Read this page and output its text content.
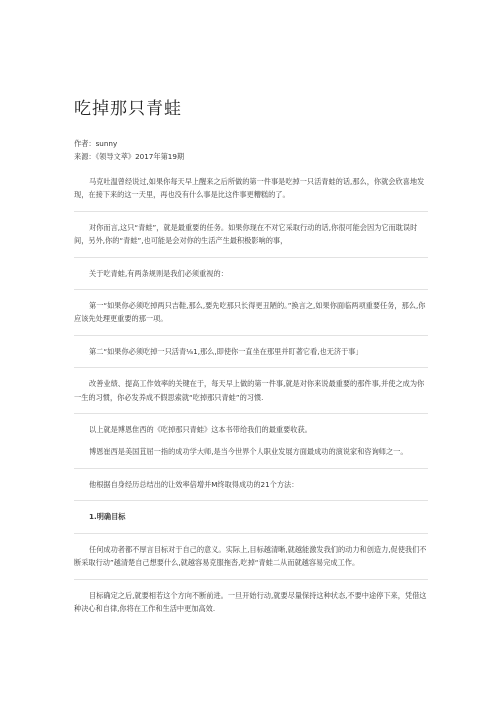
吃掉那只青蛙
作者：sunny
来源：《领导文萃》2017年第19期

马克吐温曾经说过,如果你每天早上醒来之后所做的第一件事是吃掉一只活青蛙的话,那么，你就会欣喜地发现，在接下来的这一天里，再也没有什么事是比这件事更糟糕的了。

对你而言,这只“青蛙”，就是最重要的任务。如果你现在不对它采取行动的话,你很可能会因为它而耽误时间，另外,你的“青蛙”,也可能是会对你的生活产生最积极影响的事，

关于吃青蛙,有两条规则是我们必须重视的：

第一“如果你必须吃掉两只吉鞋,那么,要先吃那只长得更丑陋的。”换言之,如果你面临两项重要任务，那么,你应该先处理更重要的那一项。

第二“如果你必须吃掉一只活青⅛1,那么,即使你一直坐在那里并盯著它看,也无济于事」

改善业绩、提高工作效率的关键在于，每天早上做的第一件事,就是对你来说最重要的那件事,并使之成为你一生的习惯，你必发养成不假思索就“吃掉那只青蛙”的习惯.

以上就是博恩隹西的《吃掉那只青蛙》这本书带给我们的最重要收获。

博恩崔西是美国苴屈一指的成功学大师,是当今世界个人职业发展方面最成功的演说家和咨询师之一。

他根据自身经历总结出的让效率倍增并M终取得成功的21个方法：

1.明确目标

任何成功者都不厚言目标对于自己的意义。实际上,目标越清晰,就越能激发我们的动力和创造力,促使我们不断采取行动”越清楚自己想要什么,就越容易克服拖沓,吃掉“青蛙二从而就越容易完成工作。

目标确定之后,就要相若这个方向不断前进。一旦开始行动,就要尽量保持这种状态,不要中途停下来，凭借这种决心和自律,你将在工作和生活中更加高效.
